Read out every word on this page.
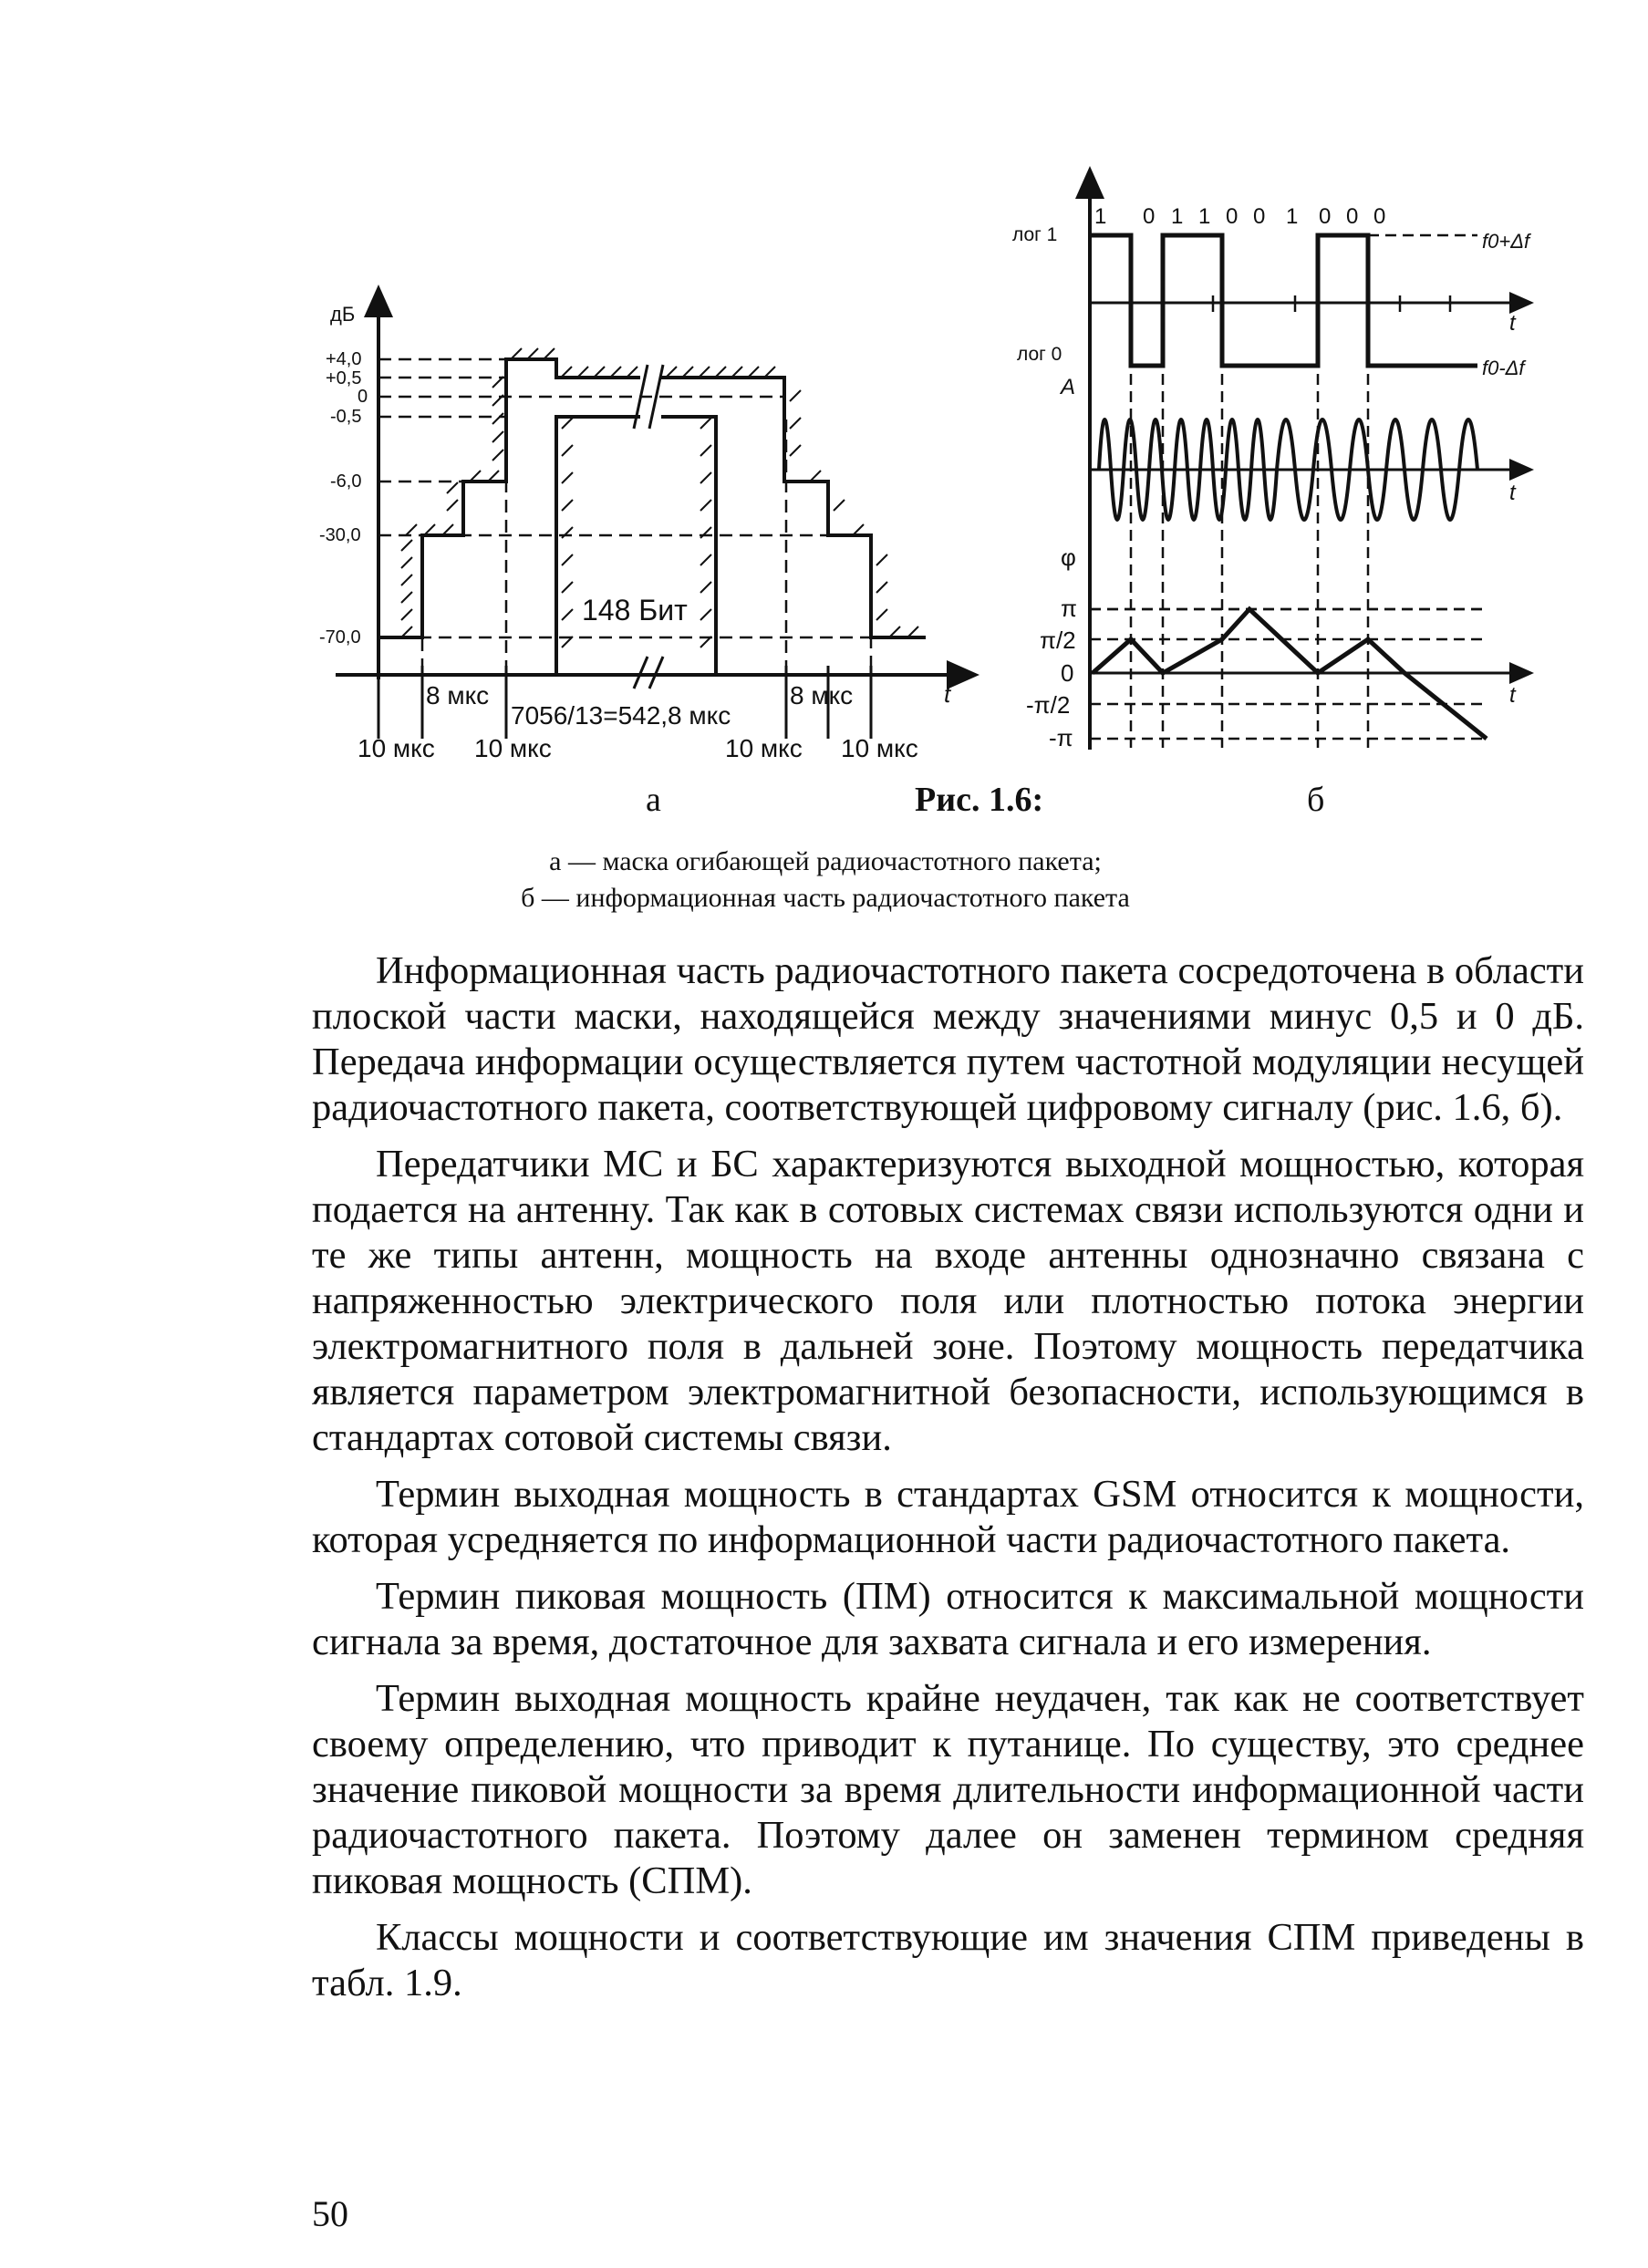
дБ
+4,0
+0,5
0
-0,5
-6,0
-30,0
-70,0
t
148 Бит
8 мкс
7056/13=542,8 мкс
8 мкс
10 мкс 10 мкс	10 мкс 10 мкс
1 0 1 1 0 0 1 0 0 0
лог 1
лог 0
f0+Δf
f0-Δf
A
φ
t
t
t
π
π/2
0
-π/2
-π
а	Рис. 1.6:	б
а — маска огибающей радиочастотного пакета;
б — информационная часть радиочастотного пакета

Информационная часть радиочастотного пакета сосредоточена в области плоской части маски, находящейся между значениями минус 0,5 и 0 дБ. Передача информации осуществляется путем частотной модуляции несущей радиочастотного пакета, соответствующей цифровому сигналу (рис. 1.6, б).

Передатчики МС и БС характеризуются выходной мощностью, которая подается на антенну. Так как в сотовых системах связи используются одни и те же типы антенн, мощность на входе антенны однозначно связана с напряженностью электрического поля или плотностью потока энергии электромагнитного поля в дальней зоне. Поэтому мощность передатчика является параметром электромагнитной безопасности, использующимся в стандартах сотовой системы связи.

Термин выходная мощность в стандартах GSM относится к мощности, которая усредняется по информационной части радиочастотного пакета.

Термин пиковая мощность (ПМ) относится к максимальной мощности сигнала за время, достаточное для захвата сигнала и его измерения.

Термин выходная мощность крайне неудачен, так как не соответствует своему определению, что приводит к путанице. По существу, это среднее значение пиковой мощности за время длительности информационной части радиочастотного пакета. Поэтому далее он заменен термином средняя пиковая мощность (СПМ).

Классы мощности и соответствующие им значения СПМ приведены в табл. 1.9.

50
